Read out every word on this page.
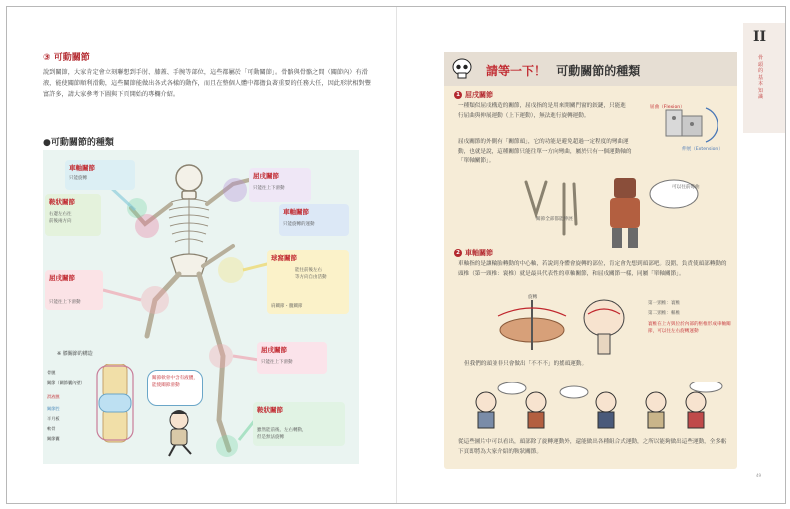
③ 可動關節
說到關節，大家肯定會立刻聯想到手肘、膝蓋、手腕等部位，這些都屬於「可動關節」。骨骼與骨骼之間（關節內）有滑液，能使關節順利滑動，這些關節能做出各式各樣的動作，而且在整個人體中都擔負著重要的任務大任，因此形狀相對豐富許多，請大家參考下圖與下頁開始的專欄介紹。
●可動關節的種類
車軸關節
只能旋轉
鞍狀關節
右邊左右往
前後兩方向
屈戌關節
只能往上下滑動
車軸關節
只能旋轉的運動
球窩關節
能往前後左右
等方向自由活動
肩關節・髖關節
屈戌關節
只能往上下滑動
屈戌關節
只能往上下滑動
鞍狀關節
雖然能前後、左右轉動，
但是無法旋轉
※ 膝關節的構造
骨膜
關節（關節囊內壁）
滑液膜
關節腔
半月板
軟骨
關節囊
關節軟骨中含有液體，能使關節滑動
II
骨頭的基本知識
請等一下！ 可動關節的種類
1 屈戌關節
一種類似屈戌構造的關節，屈戌指的是用來開關門窗的鉸鏈，只能進行屈曲與伸展運動（上下運動），無法進行旋轉運動。
屈戌關節的外側有「關節頭」，它的功能是避免超過一定程度的彎曲運動，也就是說，這種關節只能往單一方向彎曲，屬於只有一個運動軸的「單軸關節」。
屈曲（Flexion）
伸展（Extension）
可以往前彎曲
關節全部都能伸展
2 車軸關節
車軸指的是讓輪胎轉動的中心軸，若說到身體會旋轉的部位，肯定會先想到頭部吧。沒錯，負責使頭部轉動的頭椎（第一頸椎：寰椎）就是最具代表性的車軸關節，和屈戌關節一樣，同屬「單軸關節」。
旋轉
第一頸椎：寰椎
第二頸椎：樞椎
寰椎在上方與位於內部的枢椎形成車軸關節，可以往左右旋轉運動
但我們的頭並非只會做出「不不不」的搖頭運動。
從這些圖片中可以看出，頭部除了旋轉運動外，還能做出各種組合式運動，之所以能夠做出這些運動，全多虧下頁即將為大家介紹的鞍狀關節。
49
